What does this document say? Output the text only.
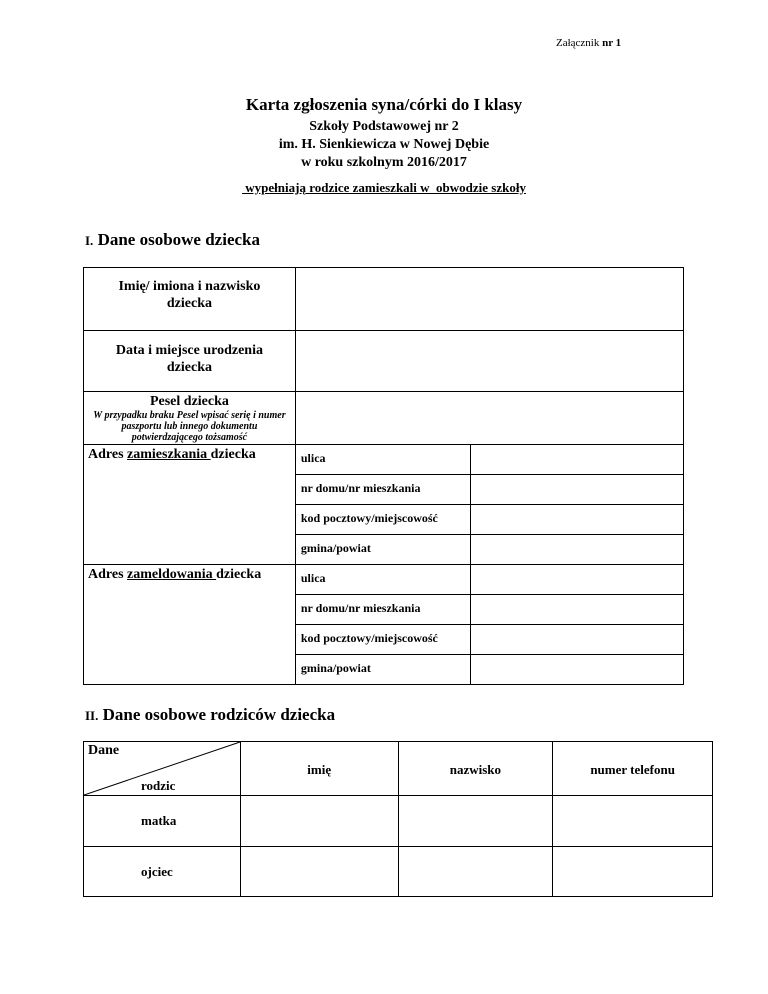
Załącznik nr 1
Karta zgłoszenia syna/córki do I klasy
Szkoły Podstawowej nr 2
im. H. Sienkiewicza w Nowej Dębie
w roku szkolnym 2016/2017
wypełniają rodzice zamieszkali w  obwodzie szkoły
I. Dane osobowe dziecka
Imię/ imiona i nazwisko dziecka		

Data i miejsce urodzenia dziecka		

Pesel dziecka
W przypadku braku Pesel wpisać serię i numer paszportu lub innego dokumentu potwierdzającego tożsamość		

Adres zamieszkania dziecka	ulica	
	nr domu/nr mieszkania	
	kod pocztowy/miejscowość	
	gmina/powiat	
Adres zameldowania dziecka	ulica	
	nr domu/nr mieszkania	
	kod pocztowy/miejscowość	
	gmina/powiat	
II. Dane osobowe rodziców dziecka
Dane
rodzic	imię	nazwisko	numer telefonu
matka			
ojciec			
